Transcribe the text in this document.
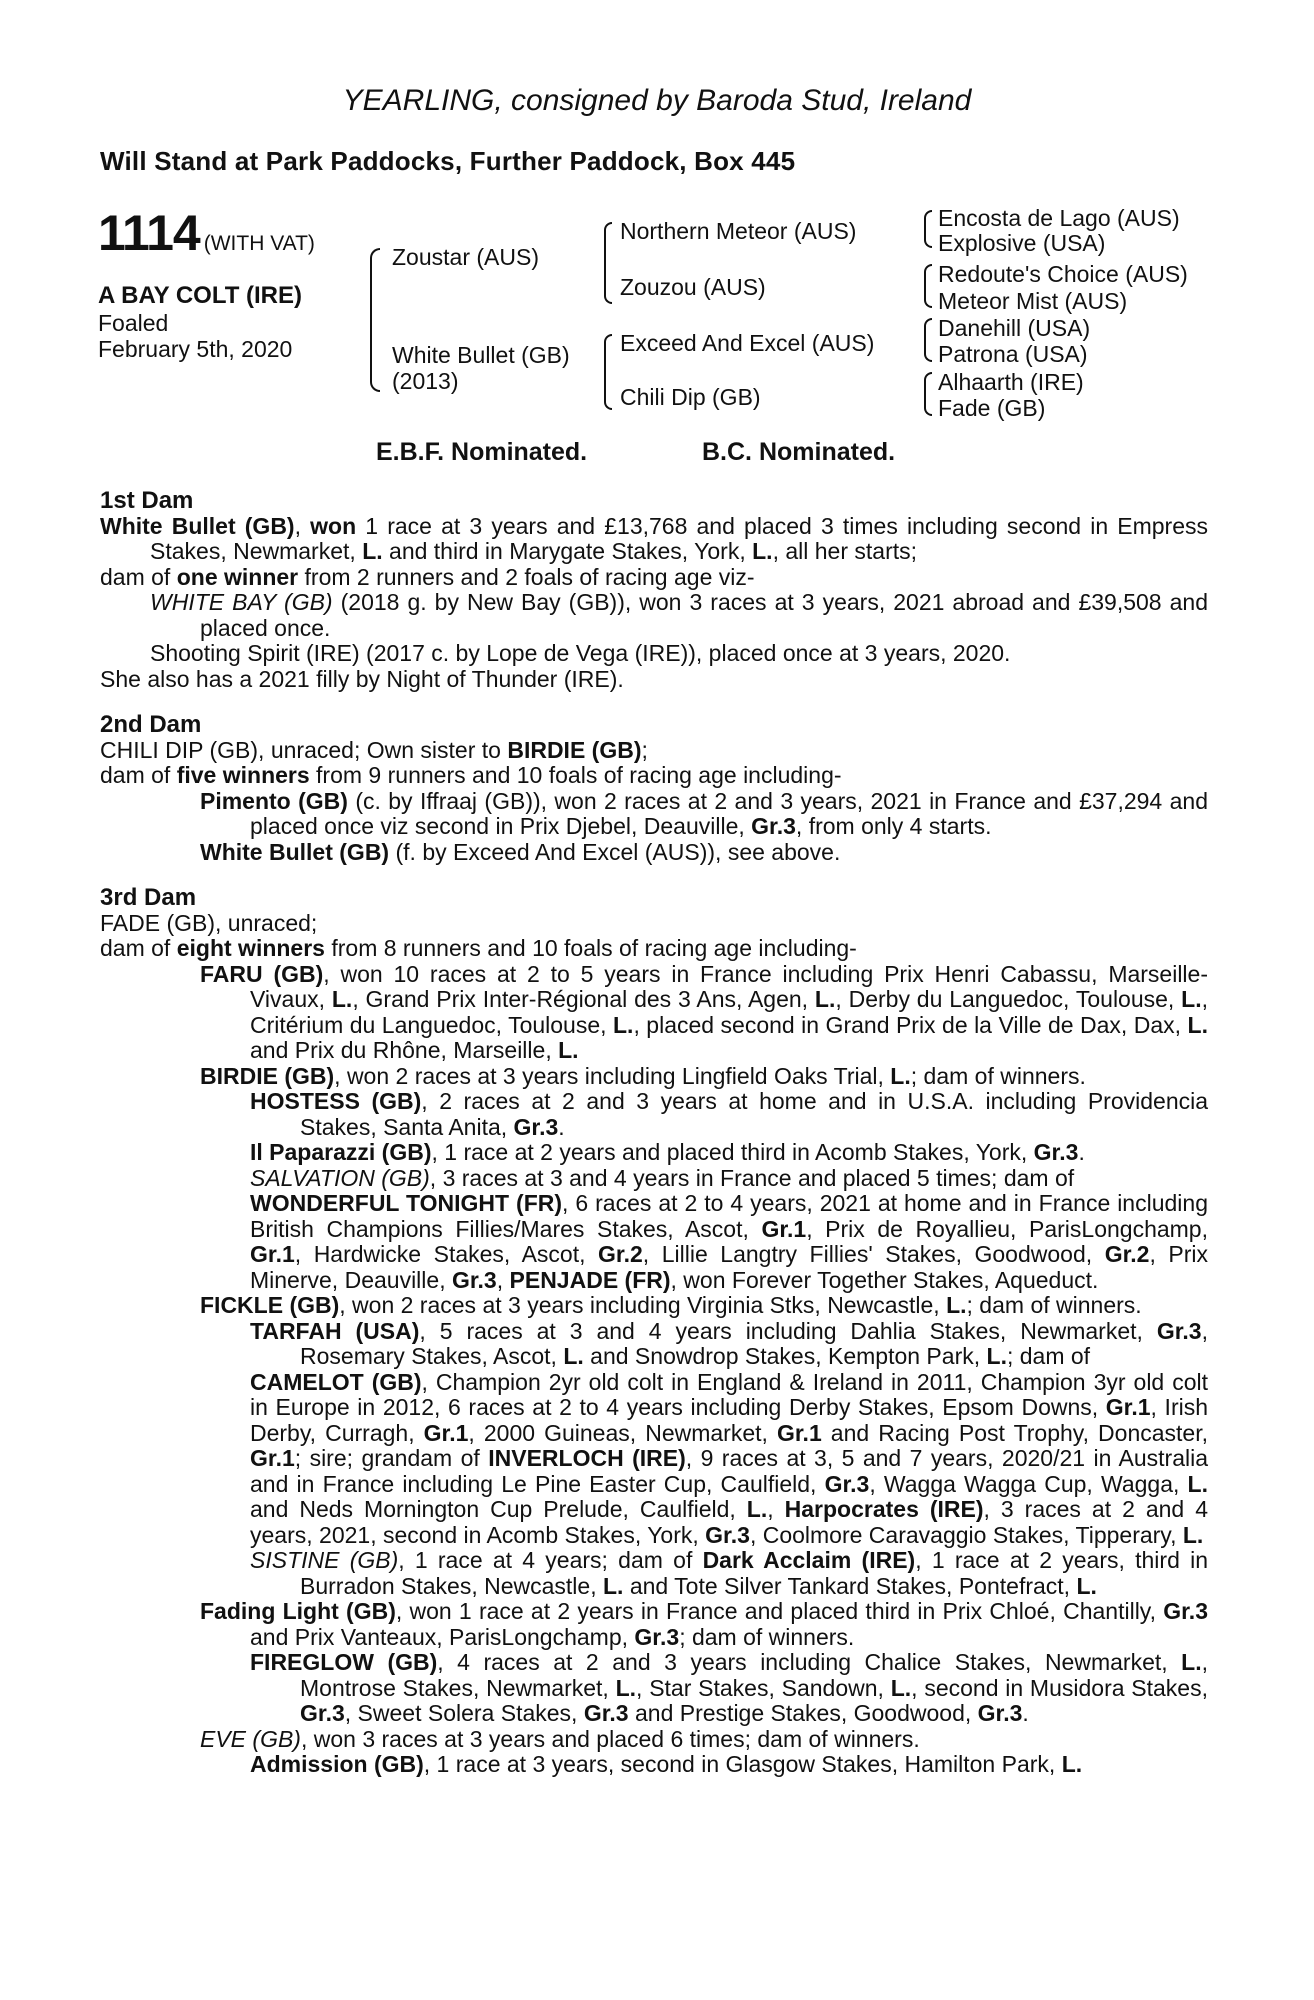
YEARLING, consigned by Baroda Stud, Ireland
Will Stand at Park Paddocks, Further Paddock, Box 445
1114 (WITH VAT)
A BAY COLT (IRE)
Foaled
February 5th, 2020
Zoustar (AUS)
White Bullet (GB)
(2013)
Northern Meteor (AUS)
Zouzou (AUS)
Exceed And Excel (AUS)
Chili Dip (GB)
Encosta de Lago (AUS)
Explosive (USA)
Redoute's Choice (AUS)
Meteor Mist (AUS)
Danehill (USA)
Patrona (USA)
Alhaarth (IRE)
Fade (GB)
E.B.F. Nominated.	B.C. Nominated.
1st Dam
White Bullet (GB), won 1 race at 3 years and £13,768 and placed 3 times including second in Empress Stakes, Newmarket, L. and third in Marygate Stakes, York, L., all her starts;
dam of one winner from 2 runners and 2 foals of racing age viz-
WHITE BAY (GB) (2018 g. by New Bay (GB)), won 3 races at 3 years, 2021 abroad and £39,508 and placed once.
Shooting Spirit (IRE) (2017 c. by Lope de Vega (IRE)), placed once at 3 years, 2020.
She also has a 2021 filly by Night of Thunder (IRE).
2nd Dam
CHILI DIP (GB), unraced; Own sister to BIRDIE (GB);
dam of five winners from 9 runners and 10 foals of racing age including-
Pimento (GB) (c. by Iffraaj (GB)), won 2 races at 2 and 3 years, 2021 in France and £37,294 and placed once viz second in Prix Djebel, Deauville, Gr.3, from only 4 starts.
White Bullet (GB) (f. by Exceed And Excel (AUS)), see above.
3rd Dam
FADE (GB), unraced;
dam of eight winners from 8 runners and 10 foals of racing age including-
FARU (GB), won 10 races at 2 to 5 years in France including Prix Henri Cabassu, Marseille-Vivaux, L., Grand Prix Inter-Régional des 3 Ans, Agen, L., Derby du Languedoc, Toulouse, L., Critérium du Languedoc, Toulouse, L., placed second in Grand Prix de la Ville de Dax, Dax, L. and Prix du Rhône, Marseille, L.
BIRDIE (GB), won 2 races at 3 years including Lingfield Oaks Trial, L.; dam of winners.
HOSTESS (GB), 2 races at 2 and 3 years at home and in U.S.A. including Providencia Stakes, Santa Anita, Gr.3.
Il Paparazzi (GB), 1 race at 2 years and placed third in Acomb Stakes, York, Gr.3.
SALVATION (GB), 3 races at 3 and 4 years in France and placed 5 times; dam of
WONDERFUL TONIGHT (FR), 6 races at 2 to 4 years, 2021 at home and in France including British Champions Fillies/Mares Stakes, Ascot, Gr.1, Prix de Royallieu, ParisLongchamp, Gr.1, Hardwicke Stakes, Ascot, Gr.2, Lillie Langtry Fillies' Stakes, Goodwood, Gr.2, Prix Minerve, Deauville, Gr.3, PENJADE (FR), won Forever Together Stakes, Aqueduct.
FICKLE (GB), won 2 races at 3 years including Virginia Stks, Newcastle, L.; dam of winners.
TARFAH (USA), 5 races at 3 and 4 years including Dahlia Stakes, Newmarket, Gr.3, Rosemary Stakes, Ascot, L. and Snowdrop Stakes, Kempton Park, L.; dam of
CAMELOT (GB), Champion 2yr old colt in England & Ireland in 2011, Champion 3yr old colt in Europe in 2012, 6 races at 2 to 4 years including Derby Stakes, Epsom Downs, Gr.1, Irish Derby, Curragh, Gr.1, 2000 Guineas, Newmarket, Gr.1 and Racing Post Trophy, Doncaster, Gr.1; sire; grandam of INVERLOCH (IRE), 9 races at 3, 5 and 7 years, 2020/21 in Australia and in France including Le Pine Easter Cup, Caulfield, Gr.3, Wagga Wagga Cup, Wagga, L. and Neds Mornington Cup Prelude, Caulfield, L., Harpocrates (IRE), 3 races at 2 and 4 years, 2021, second in Acomb Stakes, York, Gr.3, Coolmore Caravaggio Stakes, Tipperary, L.
SISTINE (GB), 1 race at 4 years; dam of Dark Acclaim (IRE), 1 race at 2 years, third in Burradon Stakes, Newcastle, L. and Tote Silver Tankard Stakes, Pontefract, L.
Fading Light (GB), won 1 race at 2 years in France and placed third in Prix Chloé, Chantilly, Gr.3 and Prix Vanteaux, ParisLongchamp, Gr.3; dam of winners.
FIREGLOW (GB), 4 races at 2 and 3 years including Chalice Stakes, Newmarket, L., Montrose Stakes, Newmarket, L., Star Stakes, Sandown, L., second in Musidora Stakes, Gr.3, Sweet Solera Stakes, Gr.3 and Prestige Stakes, Goodwood, Gr.3.
EVE (GB), won 3 races at 3 years and placed 6 times; dam of winners.
Admission (GB), 1 race at 3 years, second in Glasgow Stakes, Hamilton Park, L.
